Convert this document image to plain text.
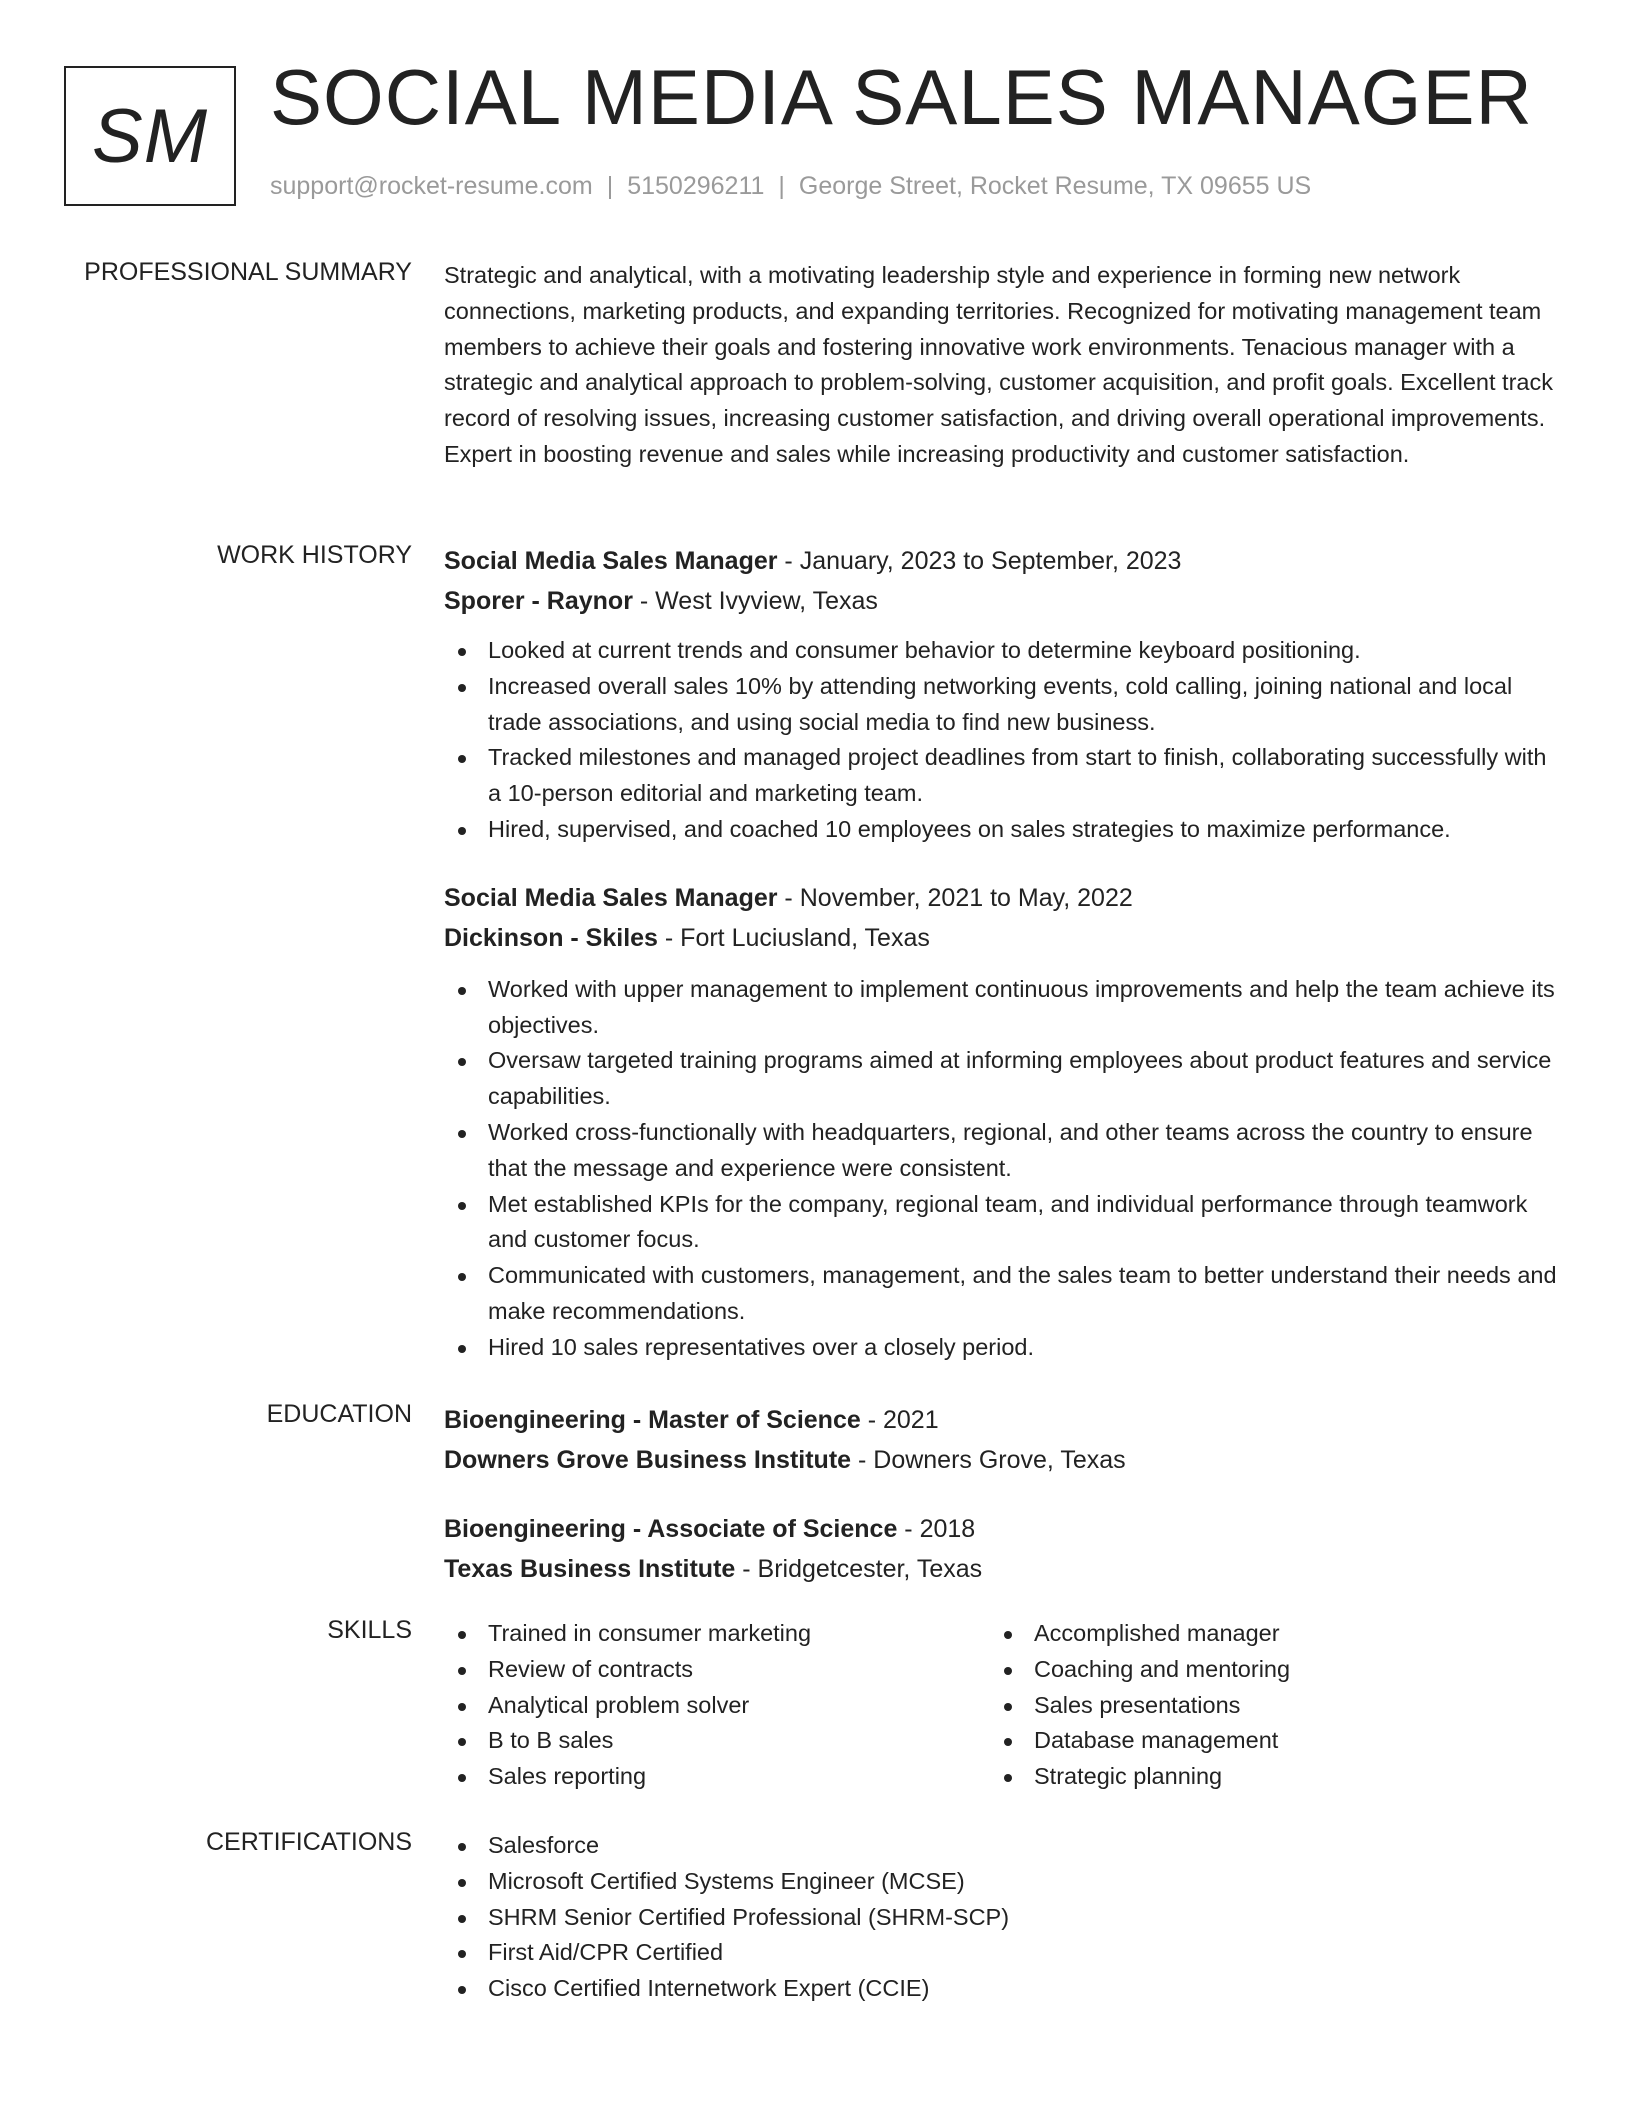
SM SOCIAL MEDIA SALES MANAGER
support@rocket-resume.com | 5150296211 | George Street, Rocket Resume, TX 09655 US
PROFESSIONAL SUMMARY Strategic and analytical, with a motivating leadership style and experience in forming new network connections, marketing products, and expanding territories. Recognized for motivating management team members to achieve their goals and fostering innovative work environments. Tenacious manager with a strategic and analytical approach to problem-solving, customer acquisition, and profit goals. Excellent track record of resolving issues, increasing customer satisfaction, and driving overall operational improvements. Expert in boosting revenue and sales while increasing productivity and customer satisfaction.

WORK HISTORY Social Media Sales Manager - January, 2023 to September, 2023

Sporer - Raynor - West Ivyview, Texas

Looked at current trends and consumer behavior to determine keyboard positioning.
Increased overall sales 10% by attending networking events, cold calling, joining national and local trade associations, and using social media to find new business.
Tracked milestones and managed project deadlines from start to finish, collaborating successfully with a 10-person editorial and marketing team.
Hired, supervised, and coached 10 employees on sales strategies to maximize performance.

Social Media Sales Manager - November, 2021 to May, 2022

Dickinson - Skiles - Fort Luciusland, Texas

Worked with upper management to implement continuous improvements and help the team achieve its objectives.
Oversaw targeted training programs aimed at informing employees about product features and service capabilities.
Worked cross-functionally with headquarters, regional, and other teams across the country to ensure that the message and experience were consistent.
Met established KPIs for the company, regional team, and individual performance through teamwork and customer focus.
Communicated with customers, management, and the sales team to better understand their needs and make recommendations.
Hired 10 sales representatives over a closely period.
EDUCATION Bioengineering - Master of Science - 2021

Downers Grove Business Institute - Downers Grove, Texas

Bioengineering - Associate of Science - 2018

Texas Business Institute - Bridgetcester, Texas

SKILLS	Trained in consumer marketing
Review of contracts
Analytical problem solver
B to B sales
Sales reporting
Accomplished manager
Coaching and mentoring
Sales presentations
Database management
Strategic planning
CERTIFICATIONS	Salesforce
Microsoft Certified Systems Engineer (MCSE)
SHRM Senior Certified Professional (SHRM-SCP)
First Aid/CPR Certified
Cisco Certified Internetwork Expert (CCIE)
